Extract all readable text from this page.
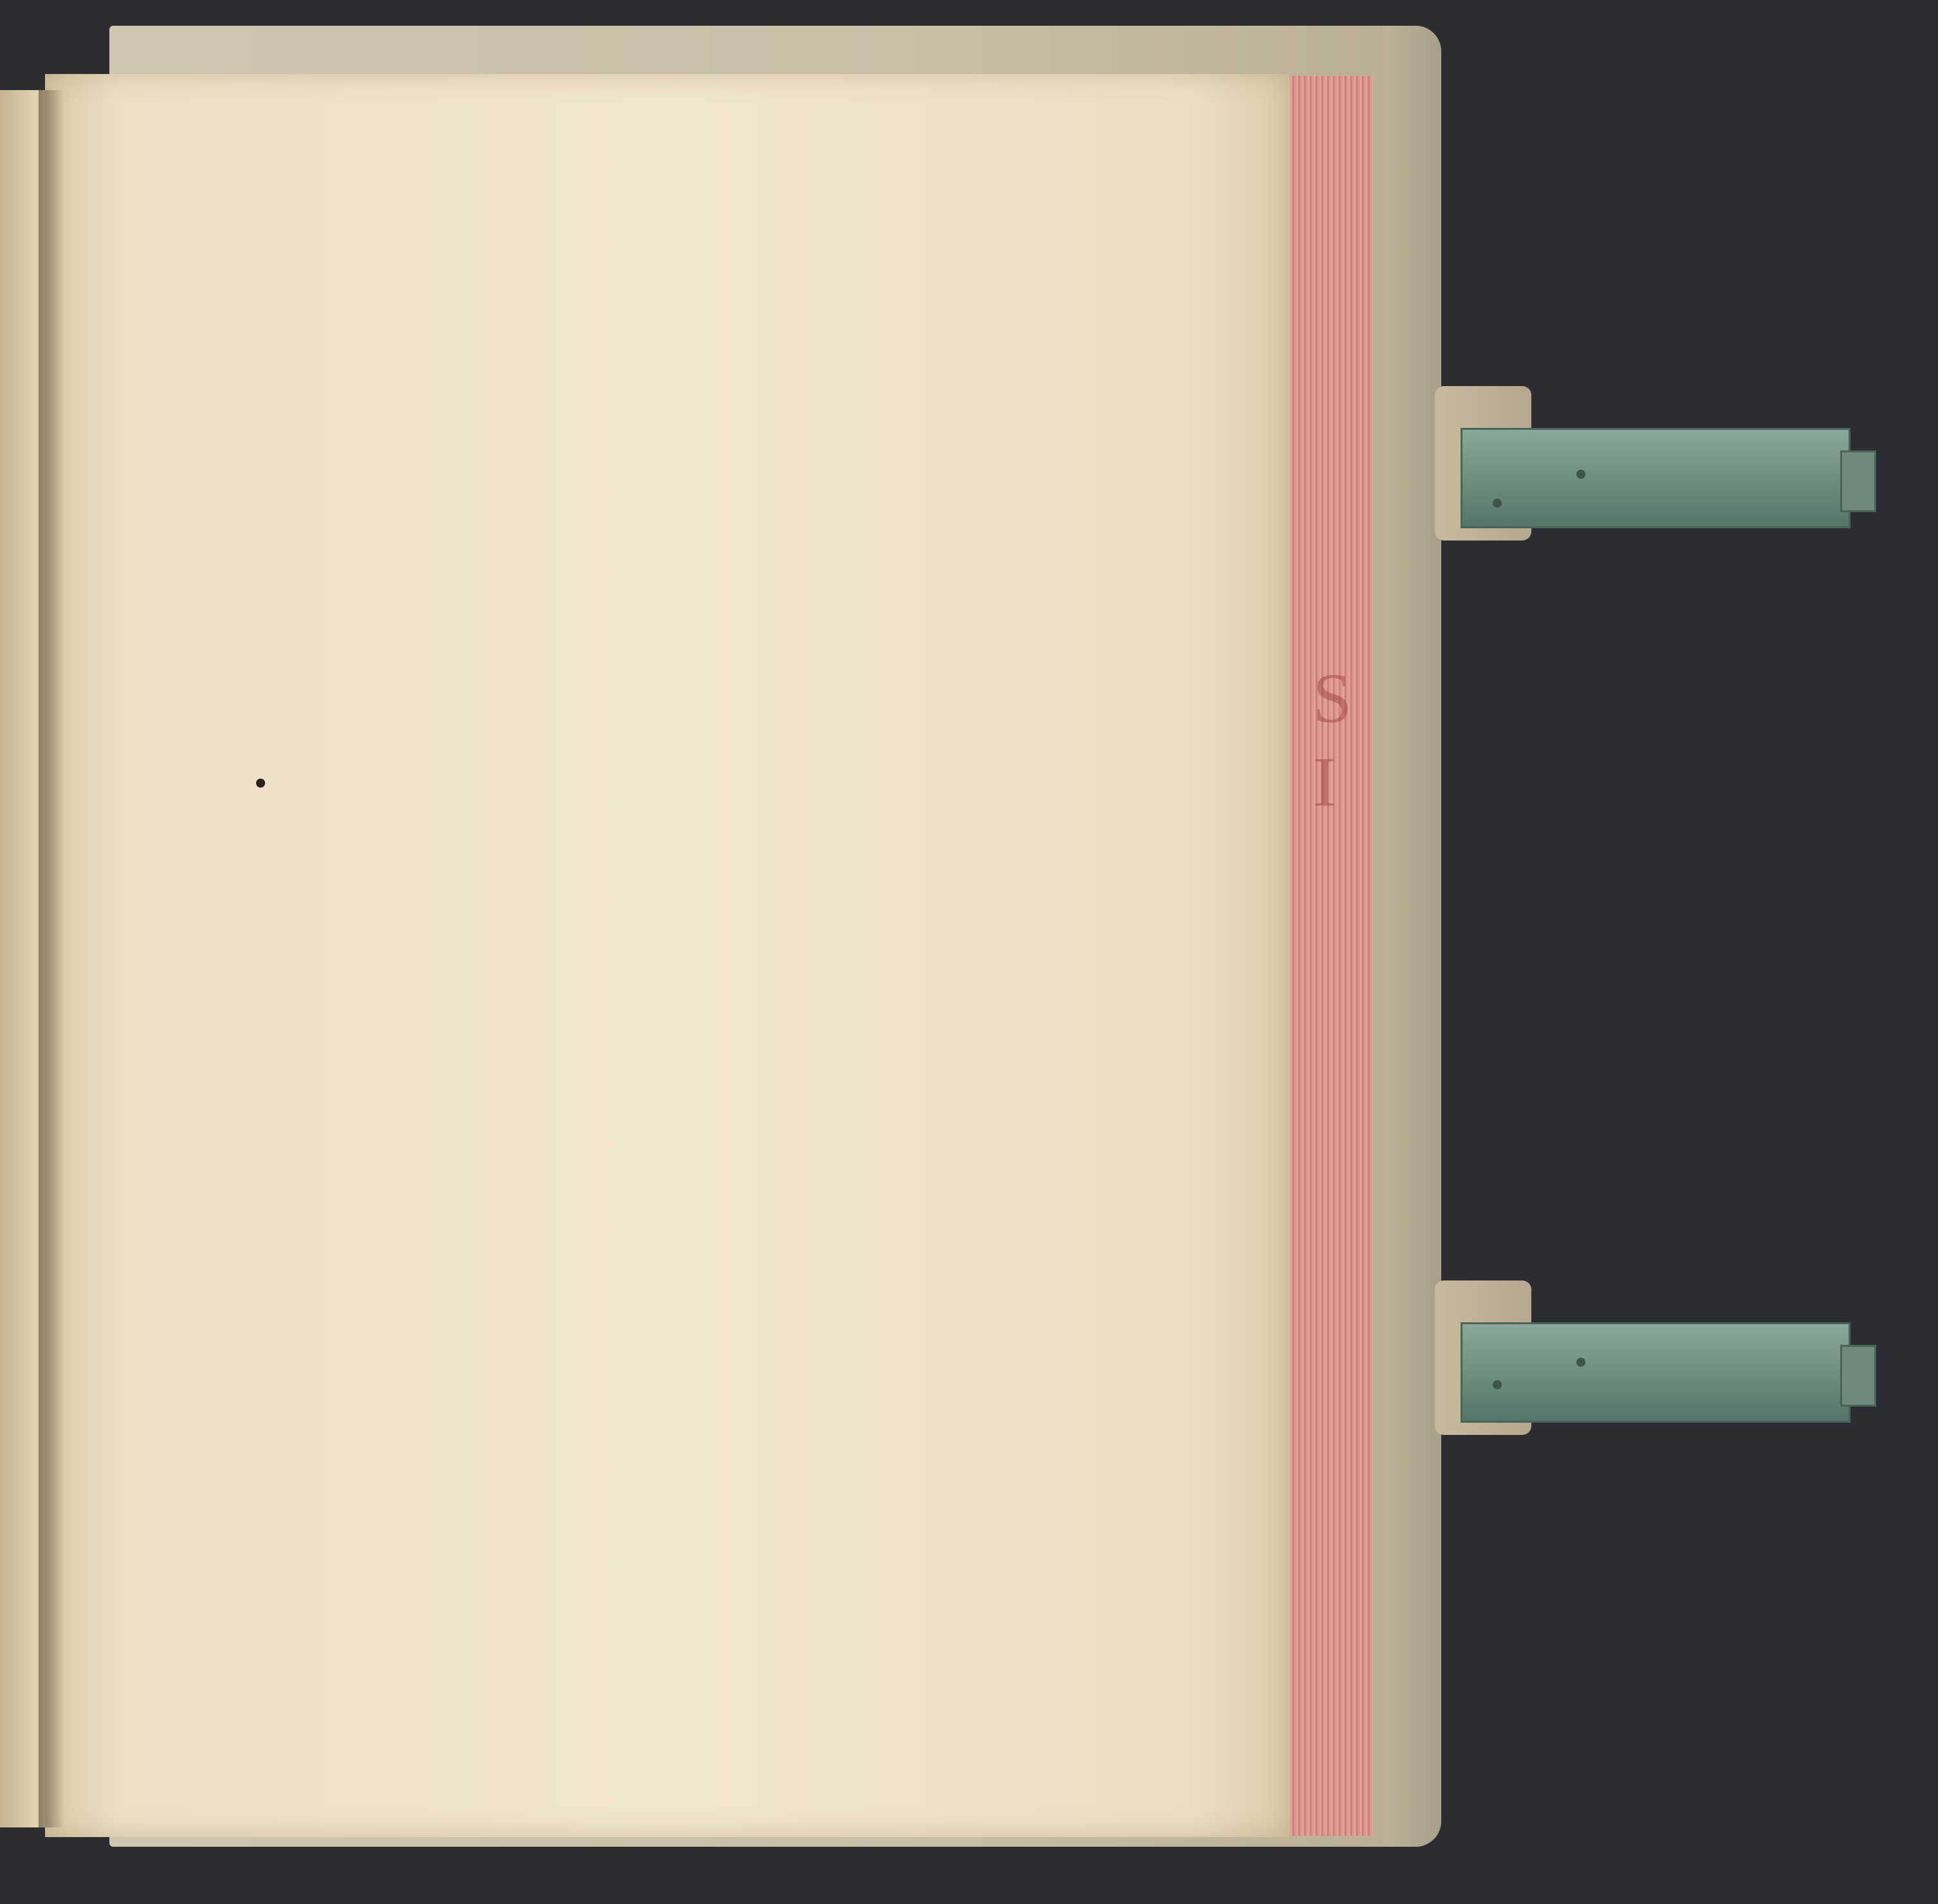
S
I
